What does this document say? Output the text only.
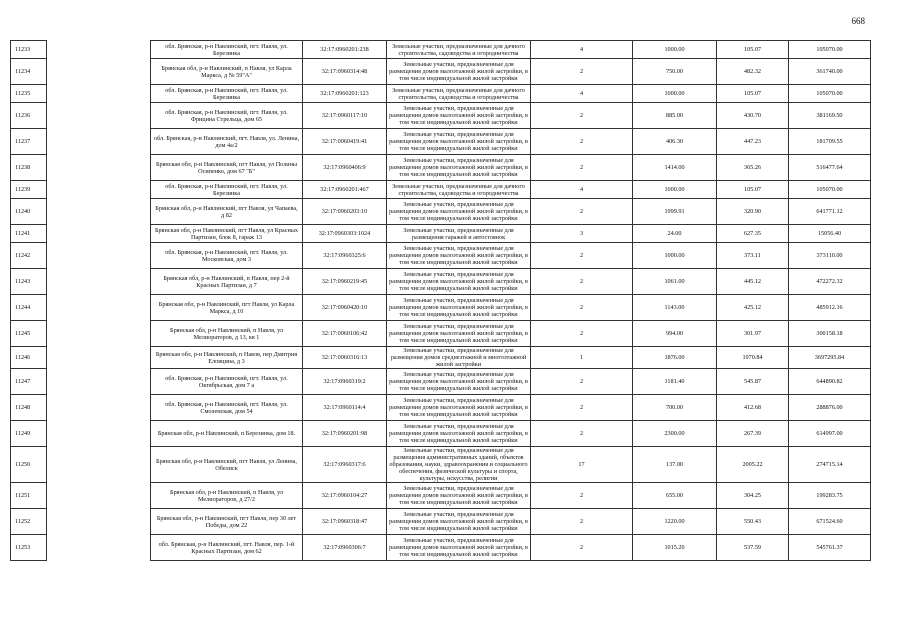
668
11233		обл. Брянская, р-н Навлинский, пгт. Навля, ул. Березинка	32:17:0960201:238	Земельные участки, предназначенные для дачного строительства, садоводства и огородничества	4	1000.00	105.07	105070.00
11234		Брянская обл, р-н Навлинский, п Навля, ул Карла Маркса, д № 59"А"	32:17:0960314:48	Земельные участки, предназначенные для размещения домов малоэтажной жилой застройки, в том числе индивидуальной жилой застройки	2	750.00	482.32	361740.00
11235		обл. Брянская, р-н Навлинский, пгт. Навля, ул. Березинка	32:17:0960201:123	Земельные участки, предназначенные для дачного строительства, садоводства и огородничества	4	1000.00	105.07	105070.00
11236		обл. Брянская, р-н Навлинский, пгт. Навля, ул. Фрицина Стрельца, дом 65	32:17:0960117:10	Земельные участки, предназначенные для размещения домов малоэтажной жилой застройки, в том числе индивидуальной жилой застройки	2	885.00	430.70	381169.50
11237		обл. Брянская, р-н Навлинский, пгт. Навля, ул. Ленина, дом 4а/2	32:17:0960419:41	Земельные участки, предназначенные для размещения домов малоэтажной жилой застройки, в том числе индивидуальной жилой застройки	2	406.30	447.23	181709.55
11238		Брянская обл, р-н Навлинский, пгт Навля, ул Полины Осипенко, дом 67 "Б"	32:17:0960406:9	Земельные участки, предназначенные для размещения домов малоэтажной жилой застройки, в том числе индивидуальной жилой застройки	2	1414.00	365.26	516477.64
11239		обл. Брянская, р-н Навлинский, пгт. Навля, ул. Березинка	32:17:0960201:467	Земельные участки, предназначенные для дачного строительства, садоводства и огородничества	4	1000.00	105.07	105070.00
11240		Брянская обл, р-н Навлинский, пгт Навля, ул Чапаева, д 82	32:17:0960203:10	Земельные участки, предназначенные для размещения домов малоэтажной жилой застройки, в том числе индивидуальной жилой застройки	2	1999.91	320.90	641771.12
11241		Брянская обл, р-н Навлинский, пгт Навля, ул Красных Партизан, блок 8, гараж 13	32:17:0960303:1024	Земельные участки, предназначенные для размещения гаражей и автостоянок	3	24.00	627.35	15056.40
11242		обл. Брянская, р-н Навлинский, пгт. Навля, ул. Московская, дом 3	32:17:0960325:6	Земельные участки, предназначенные для размещения домов малоэтажной жилой застройки, в том числе индивидуальной жилой застройки	2	1000.00	373.11	373110.00
11243		Брянская обл, р-н Навлинский, п Навля, пер 2-й Красных Партизан, д 7	32:17:0960219:45	Земельные участки, предназначенные для размещения домов малоэтажной жилой застройки, в том числе индивидуальной жилой застройки	2	1061.00	445.12	472272.32
11244		Брянская обл, р-н Навлинский, пгт Навля, ул Карла Маркса, д 10	32:17:0960420:10	Земельные участки, предназначенные для размещения домов малоэтажной жилой застройки, в том числе индивидуальной жилой застройки	2	1143.00	425.12	485912.16
11245		Брянская обл, р-н Навлинский, п Навля, ул Мелиораторов, д 13, кв 1	32:17:0960106:42	Земельные участки, предназначенные для размещения домов малоэтажной жилой застройки, в том числе индивидуальной жилой застройки	2	994.00	301.97	300158.18
11246		Брянская обл, р-н Навлинский, п Навля, пер Дмитрия Еловцина, д 3	32:17:0960316:13	Земельные участки, предназначенные для размещения домов среднеэтажной и многоэтажной жилой застройки	1	1876.00	1970.84	3697295.84
11247		обл. Брянская, р-н Навлинский, пгт. Навля, ул. Октябрьская, дом 7 а	32:17:0960319:2	Земельные участки, предназначенные для размещения домов малоэтажной жилой застройки, в том числе индивидуальной жилой застройки	2	1181.40	545.87	644890.82
11248		обл. Брянская, р-н Навлинский, пгт. Навля, ул. Смоленская, дом 54	32:17:0960114:4	Земельные участки, предназначенные для размещения домов малоэтажной жилой застройки, в том числе индивидуальной жилой застройки	2	700.00	412.68	288876.00
11249		Брянская обл, р-н Навлинский, п Березинка, дом 18.	32:17:0960201:98	Земельные участки, предназначенные для размещения домов малоэтажной жилой застройки, в том числе индивидуальной жилой застройки	2	2300.00	267.39	614997.00
11250		Брянская обл, р-н Навлинский, пгт Навля, ул Ленина, Обелиск	32:17:0960317:6	Земельные участки, предназначенные для размещения административных зданий, объектов образования, науки, здравоохранения и социального обеспечения, физической культуры и спорта, культуры, искусства, религии	17	137.00	2005.22	274715.14
11251		Брянская обл, р-н Навлинский, п Навля, ул Мелиораторов, д 27/2	32:17:0960104:27	Земельные участки, предназначенные для размещения домов малоэтажной жилой застройки, в том числе индивидуальной жилой застройки	2	655.00	304.25	199283.75
11252		Брянская обл, р-н Навлинский, пгт Навля, пер 30 лет Победы, дом 22	32:17:0960318:47	Земельные участки, предназначенные для размещения домов малоэтажной жилой застройки, в том числе индивидуальной жилой застройки	2	1220.00	550.43	671524.60
11253		обл. Брянская, р-н Навлинский, пгт. Навля, пер. 1-й Красных Партизан, дом 62	32:17:0960306:7	Земельные участки, предназначенные для размещения домов малоэтажной жилой застройки, в том числе индивидуальной жилой застройки	2	1015.20	537.59	545761.37
